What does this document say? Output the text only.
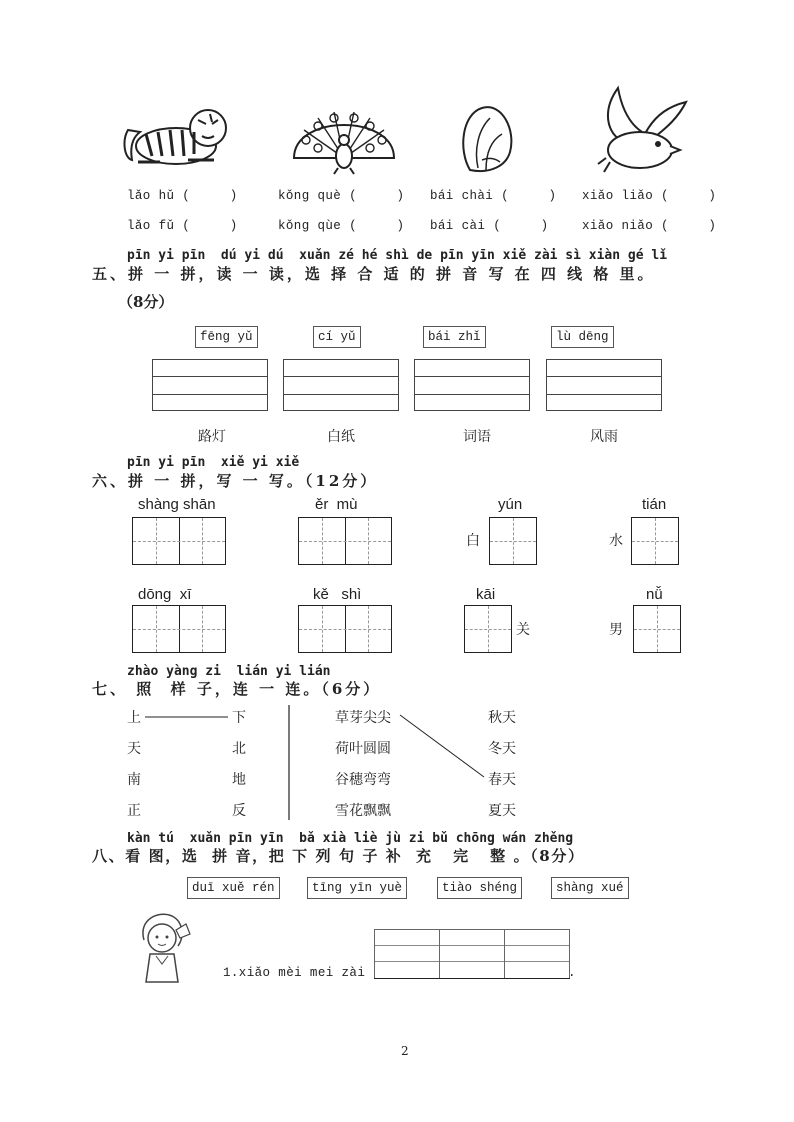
lǎo hǔ (     )	kǒng què (     ) bái chài (     ) xiǎo liǎo (     )
lǎo fǔ (     )	kǒng qùe (     ) bái cài (     )	xiǎo niǎo (     )
pīn yi pīn  dú yi dú  xuǎn zé hé shì de pīn yīn xiě zài sì xiàn gé lǐ
五、拼 一 拼，读 一 读，选 择 合 适 的 拼 音 写 在 四 线 格 里。
（8分）
fēng yǔ	cí yǔ	bái zhǐ	lù dēng
路灯	白纸	词语	风雨
pīn yi pīn  xiě yi xiě
六、拼 一 拼，写 一 写。（12分）
shàng shān	ěr  mù	yún
白
tián
水
dōng  xī	kě   shì	kāi
关
nǚ
男
zhào yàng zi  lián yi lián
七、 照  样 子，连 一 连。（6分）
上
天
南
正
下
北
地
反
草芽尖尖
荷叶圆圆
谷穗弯弯
雪花飘飘
秋天
冬天
春天
夏天
kàn tú  xuǎn pīn yīn  bǎ xià liè jù zi bǔ chōng wán zhěng
八、看 图，选  拼 音，把 下 列 句 子 补  充   完   整 。（8分）
duī xuě rén	tīng yīn yuè	tiào shéng	shàng xué
1.xiǎo mèi mei zài	.
2
